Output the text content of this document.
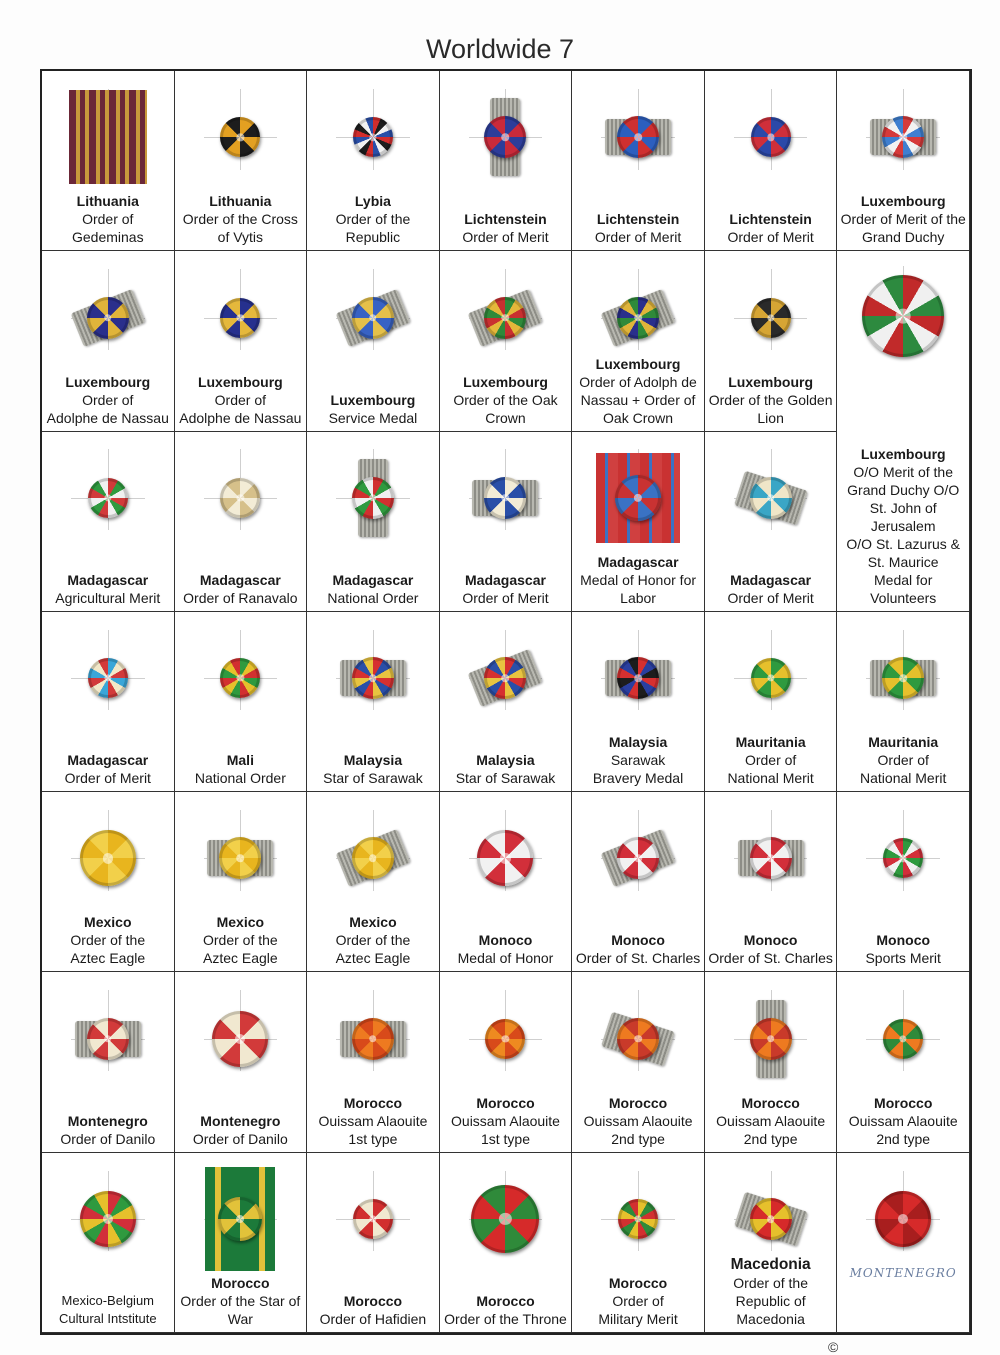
Worldwide 7
Lithuania
Order of
Gedeminas
Lithuania
Order of the Cross
of Vytis
Lybia
Order of the
Republic
Lichtenstein
Order of Merit
Lichtenstein
Order of Merit
Lichtenstein
Order of Merit
Luxembourg
Order of Merit of the
Grand Duchy
Luxembourg
Order of
Adolphe de Nassau
Luxembourg
Order of
Adolphe de Nassau
Luxembourg
Service Medal
Luxembourg
Order of the Oak
Crown
Luxembourg
Order of Adolph de
Nassau + Order of
Oak Crown
Luxembourg
Order of the Golden
Lion
Luxembourg
O/O Merit of the
Grand Duchy O/O
St. John of
Jerusalem
O/O St. Lazurus &
St. Maurice
Medal for
Volunteers
Madagascar
Agricultural Merit
Madagascar
Order of Ranavalo
Madagascar
National Order
Madagascar
Order of Merit
Madagascar
Medal of Honor for
Labor
Madagascar
Order of Merit
Madagascar
Order of Merit
Mali
National Order
Malaysia
Star of Sarawak
Malaysia
Star of Sarawak
Malaysia
Sarawak
Bravery Medal
Mauritania
Order of
National Merit
Mauritania
Order of
National Merit
Mexico
Order of the
Aztec Eagle
Mexico
Order of the
Aztec Eagle
Mexico
Order of the
Aztec Eagle
Monoco
Medal of Honor
Monoco
Order of St. Charles
Monoco
Order of St. Charles
Monoco
Sports Merit
Montenegro
Order of Danilo
Montenegro
Order of Danilo
Morocco
Ouissam Alaouite
1st type
Morocco
Ouissam Alaouite
1st type
Morocco
Ouissam Alaouite
2nd type
Morocco
Ouissam Alaouite
2nd type
Morocco
Ouissam Alaouite
2nd type
Mexico-Belgium
Cultural Intstitute
Morocco
Order of the Star of
War
Morocco
Order of Hafidien
Morocco
Order of the Throne
Morocco
Order of
Military Merit
Macedonia
Order of the
Republic of
Macedonia
MONTENEGRO
©
